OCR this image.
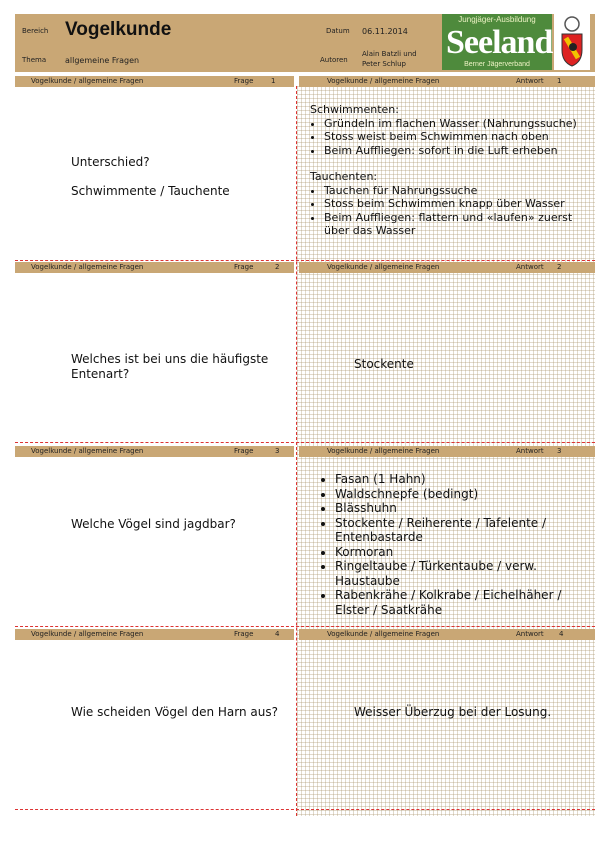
Bereich Vogelkunde	Datum 06.11.2014
Thema allgemeine Fragen	Autoren
Alain Batzli und
Peter Schlup
Jungjäger-Ausbildung
Seeland
Berner Jägerverband
Vogelkunde / allgemeine Fragen	Frage	1	Vogelkunde / allgemeine Fragen	Antwort 1
Vogelkunde / allgemeine Fragen	Frage	2	Vogelkunde / allgemeine Fragen	Antwort 2
Vogelkunde / allgemeine Fragen	Frage	3	Vogelkunde / allgemeine Fragen	Antwort 3
Vogelkunde / allgemeine Fragen	Frage	4	Vogelkunde / allgemeine Fragen	Antwort 4
Unterschied?
Schwimmente / Tauchente
Schwimmenten:
• Gründeln im flachen Wasser (Nahrungssuche)
• Stoss weist beim Schwimmen nach oben
• Beim Auffliegen: sofort in die Luft erheben
Tauchenten:
• Tauchen für Nahrungssuche
• Stoss beim Schwimmen knapp über Wasser
• Beim Auffliegen: flattern und «laufen» zuerst über das Wasser
Welches ist bei uns die häufigste Entenart?
Stockente
Welche Vögel sind jagdbar?
• Fasan (1 Hahn)
• Waldschnepfe (bedingt)
• Blässhuhn
• Stockente / Reiherente / Tafelente / Entenbastarde
• Kormoran
• Ringeltaube / Türkentaube / verw. Haustaube
• Rabenkrähe / Kolkrabe / Eichelhäher / Elster / Saatkrähe
Wie scheiden Vögel den Harn aus?	Weisser Überzug bei der Losung.
